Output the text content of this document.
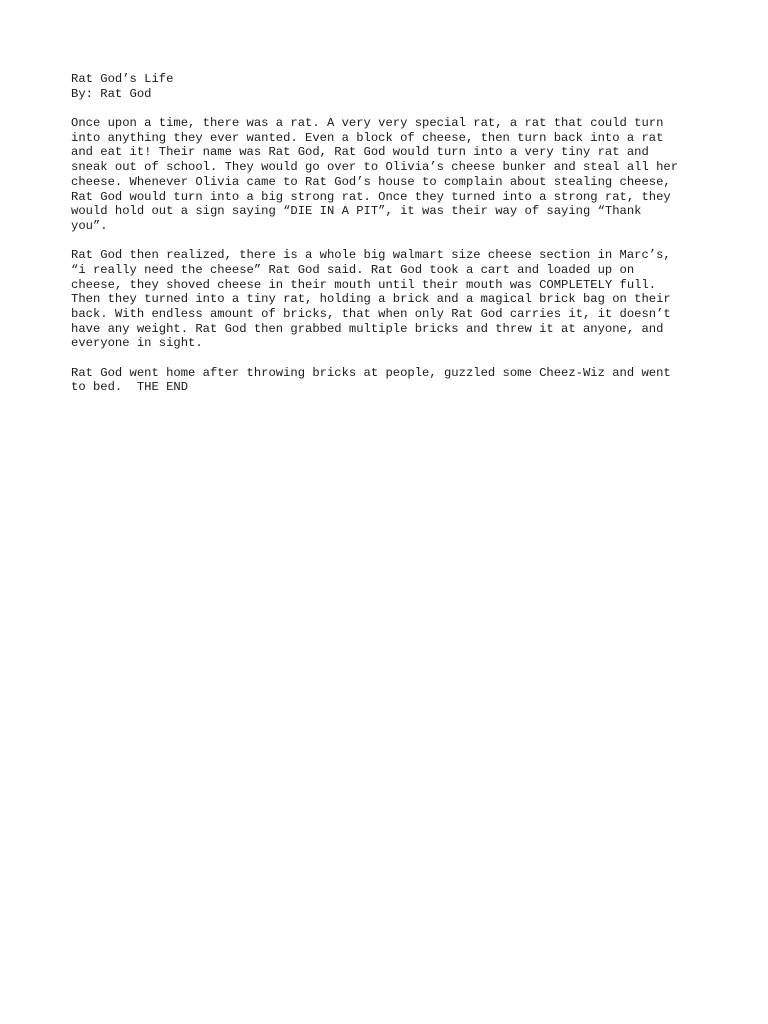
Rat God’s Life
By: Rat God
Once upon a time, there was a rat. A very very special rat, a rat that could turn
into anything they ever wanted. Even a block of cheese, then turn back into a rat
and eat it! Their name was Rat God, Rat God would turn into a very tiny rat and
sneak out of school. They would go over to Olivia’s cheese bunker and steal all her
cheese. Whenever Olivia came to Rat God’s house to complain about stealing cheese,
Rat God would turn into a big strong rat. Once they turned into a strong rat, they
would hold out a sign saying “DIE IN A PIT”, it was their way of saying “Thank
you”.
Rat God then realized, there is a whole big walmart size cheese section in Marc’s,
“i really need the cheese” Rat God said. Rat God took a cart and loaded up on
cheese, they shoved cheese in their mouth until their mouth was COMPLETELY full.
Then they turned into a tiny rat, holding a brick and a magical brick bag on their
back. With endless amount of bricks, that when only Rat God carries it, it doesn’t
have any weight. Rat God then grabbed multiple bricks and threw it at anyone, and
everyone in sight.
Rat God went home after throwing bricks at people, guzzled some Cheez-Wiz and went
to bed.  THE END
